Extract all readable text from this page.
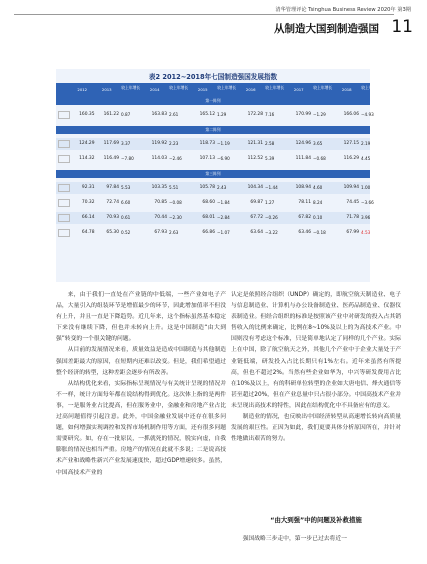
清华管理评论 Tsinghua Business Review 2020年 第3期
从制造大国到制造强国 11
表2 2012~2018年七国制造强国发展指数
2012	2013	较上年增长	2014	较上年增长	2015	较上年增长	2016	较上年增长	2017	较上年增长	2018	较上年增长
第一阵列
160.35	161.22 0.87	163.83 2.61	165.12 1.29	172.28 7.16	170.99 −1.29	166.06 −4.93
第二阵列
124.29	117.69 3.37	119.92 2.23	118.73 −1.19	121.31 2.58	124.96 3.65	127.15 2.19
114.32	116.49 −7.80	114.03 −2.46	107.13 −6.90	112.52 5.39	111.84 −0.68	116.29 4.45
第三阵列
92.31	97.84 5.53	103.35 5.51	105.78 2.43	104.34 −1.44	108.94 4.60	109.94 1.00
70.32	72.74 6.60	70.85 −0.08	68.60 −1.84	69.87 1.27	78.11 8.24	74.45 −3.66
66.14	70.93 0.61	70.44 −2.30	68.01 −2.84	67.72 −0.26	67.82 0.10	71.78 3.96
64.78	65.30 0.52	67.93 2.63	66.86 −1.07	63.64 −3.22	63.46 −0.18	67.99 4.53

来，由于我们一直处在产业链的中低端，一些产业如电子产品，大量引入的组装环节是增值最少的环节，因此增加值率不但没有上升，并且一直是下降趋势。近几年来，这个指标虽然基本稳定下来没有继续下降，但也并未转向上升。这是中国制造“由大到强”转变的一个很关键的问题。

从目前的发展情况来看，质量效益是造成中国制造与其他制造强国差距最大的原因，在短期内还难以改变。但是，我们希望通过整个经济的转型，这种差距会逐步有所改善。

从结构优化来看，实际指标呈现情况与有关统计呈现的情况并不一样，统计方面每年都在说结构得到优化。这次体上指的是两件事，一是服务业占比提高，但在服务业中，金融业和房地产业占比过高问题值得引起注意。此外，中国金融业发展中还存在很多问题，如何增强实现调控和发挥市场机制作用等方面，还有很多问题需要研究。如，存在一批原民，一抓就死的情况，脱实向虚，自我膨胀的情况也相当严重。房地产的情况在此就不多说；二是说高技术产业和战略性新兴产业发展速度快，超过GDP增速较多。虽然，中国高技术产业的

认定是依照经合组织（UNDP）确定的，即航空航天制造业、电子与信息制造业、计算机与办公设备制造业、医药品制造业、仪器仪表制造业。但经合组织的标准是按照该产业中对研发的投入占其销售收入的比例来确定，比例在8~10%及以上的为高技术产业。中国则没有考虑这个标准，只是简单地认定了同样的几个产业。实际上在中国，除了航空航天之外，其他几个产业中于企业大量处于产业链低端，研发投入占比长期只有1%左右。近年来虽然有所提高，但也不超过2%。当然有些企业如华为，中兴等研发费用占比在10%及以上，有的科研单位转型的企业如大唐电信、烽火通信等甚至超过20%，但在产业总量中只占很小部分。中国高技术产业并未呈现出高技术的特性，因此在结构优化中不具备应有的意义。

制造业的情况，也反映出中国经济转型从高速增长转向高质量发展的艰巨性。正因为如此，我们更要具体分析原因所在，并针对性地做出艰苦的努力。

“由大到强”中的问题及补救措施

强国战略三步走中，第一步已过去将近一
